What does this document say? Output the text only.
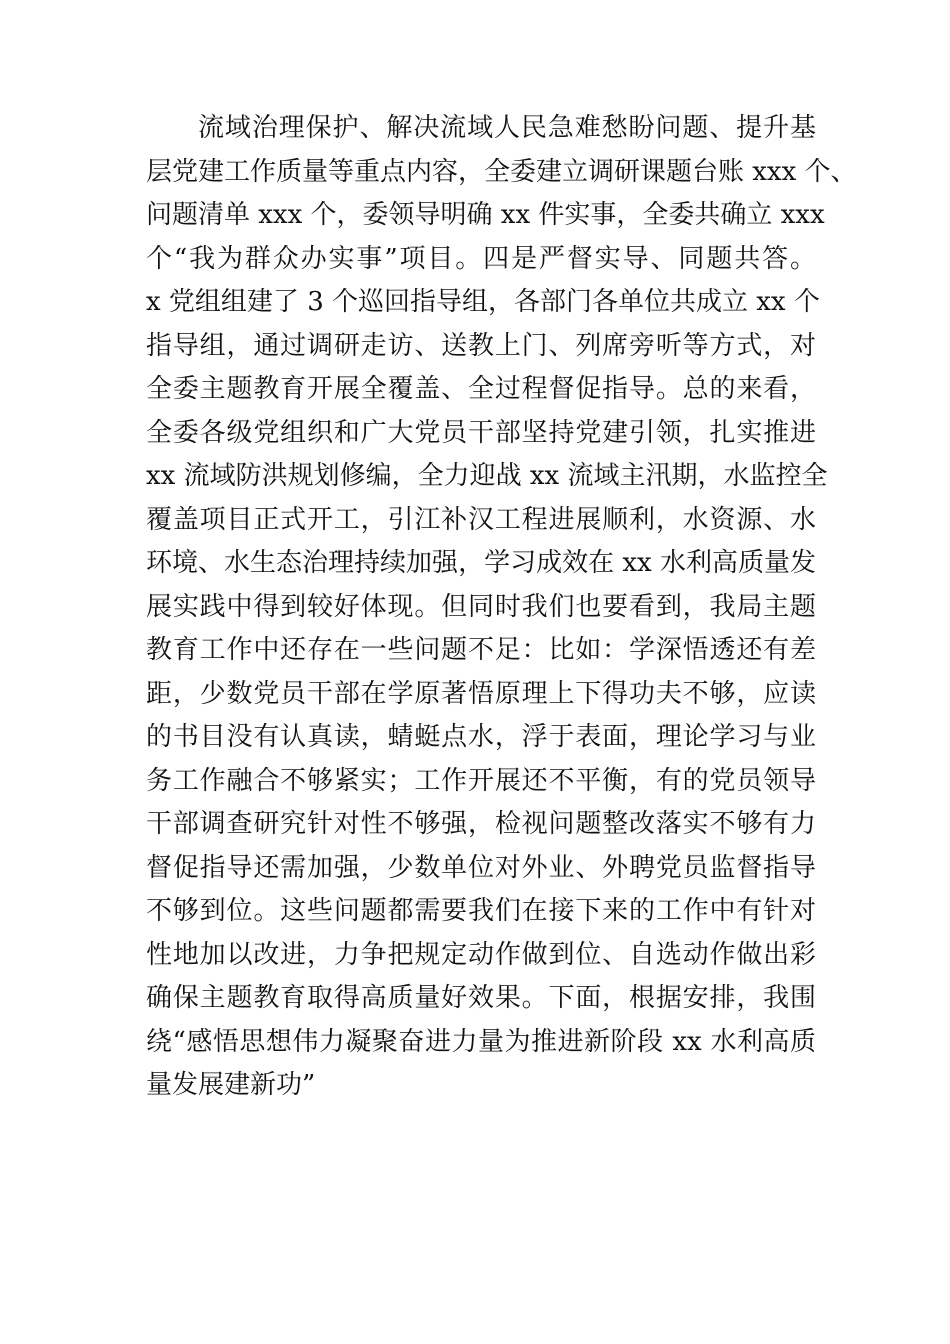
流域治理保护、解决流域人民急难愁盼问题、提升基
层党建工作质量等重点内容，全委建立调研课题台账 xxx 个、
问题清单 xxx 个，委领导明确 xx 件实事，全委共确立 xxx
个“我为群众办实事”项目。四是严督实导、同题共答。
x 党组组建了 3 个巡回指导组，各部门各单位共成立 xx 个
指导组，通过调研走访、送教上门、列席旁听等方式，对
全委主题教育开展全覆盖、全过程督促指导。总的来看，
全委各级党组织和广大党员干部坚持党建引领，扎实推进
xx 流域防洪规划修编，全力迎战 xx 流域主汛期，水监控全
覆盖项目正式开工，引江补汉工程进展顺利，水资源、水
环境、水生态治理持续加强，学习成效在 xx 水利高质量发
展实践中得到较好体现。但同时我们也要看到，我局主题
教育工作中还存在一些问题不足：比如：学深悟透还有差
距，少数党员干部在学原著悟原理上下得功夫不够，应读
的书目没有认真读，蜻蜓点水，浮于表面，理论学习与业
务工作融合不够紧实；工作开展还不平衡，有的党员领导
干部调查研究针对性不够强，检视问题整改落实不够有力
督促指导还需加强，少数单位对外业、外聘党员监督指导
不够到位。这些问题都需要我们在接下来的工作中有针对
性地加以改进，力争把规定动作做到位、自选动作做出彩
确保主题教育取得高质量好效果。下面，根据安排，我围
绕“感悟思想伟力凝聚奋进力量为推进新阶段 xx 水利高质
量发展建新功”
